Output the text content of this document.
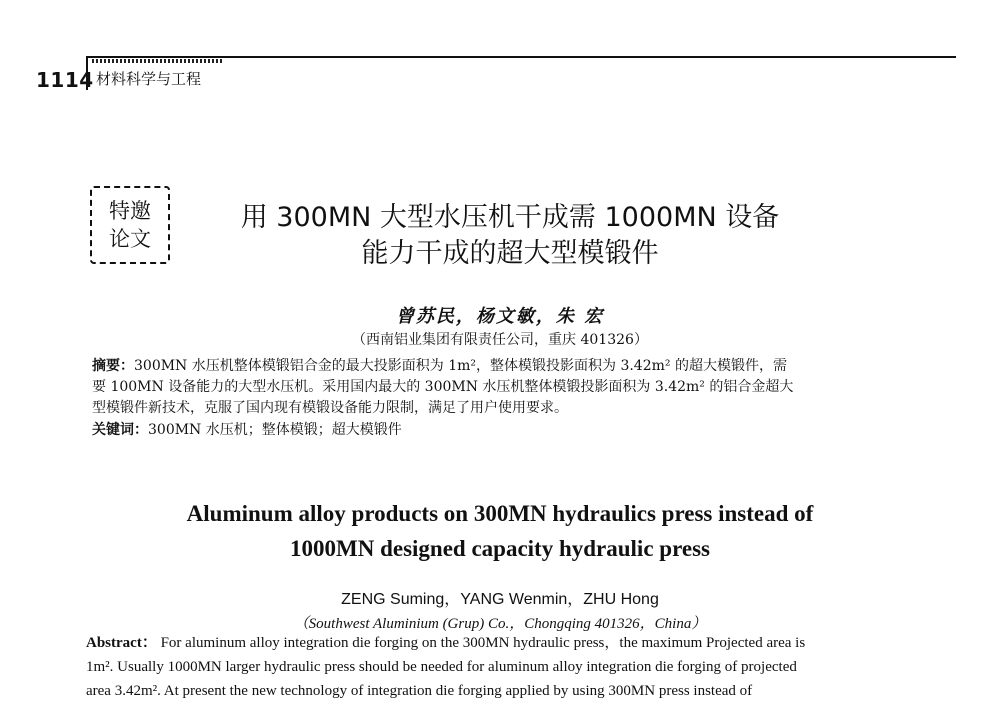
1114 材料科学与工程
特邀
论文
用 300MN 大型水压机干成需 1000MN 设备
能力干成的超大型模锻件
曾苏民，杨文敏，朱 宏
（西南铝业集团有限责任公司，重庆 401326）
摘要：300MN 水压机整体模锻铝合金的最大投影面积为 1m²，整体模锻投影面积为 3.42m² 的超大模锻件，需
要 100MN 设备能力的大型水压机。采用国内最大的 300MN 水压机整体模锻投影面积为 3.42m² 的铝合金超大
型模锻件新技术，克服了国内现有模锻设备能力限制，满足了用户使用要求。
关键词：300MN 水压机；整体模锻；超大模锻件
Aluminum alloy products on 300MN hydraulics press instead of
1000MN designed capacity hydraulic press
ZENG Suming，YANG Wenmin，ZHU Hong
（Southwest Aluminium (Grup) Co.，Chongqing 401326，China）
Abstract： For aluminum alloy integration die forging on the 300MN hydraulic press，the maximum Projected area is
1m². Usually 1000MN larger hydraulic press should be needed for aluminum alloy integration die forging of projected
area 3.42m². At present the new technology of integration die forging applied by using 300MN press instead of
